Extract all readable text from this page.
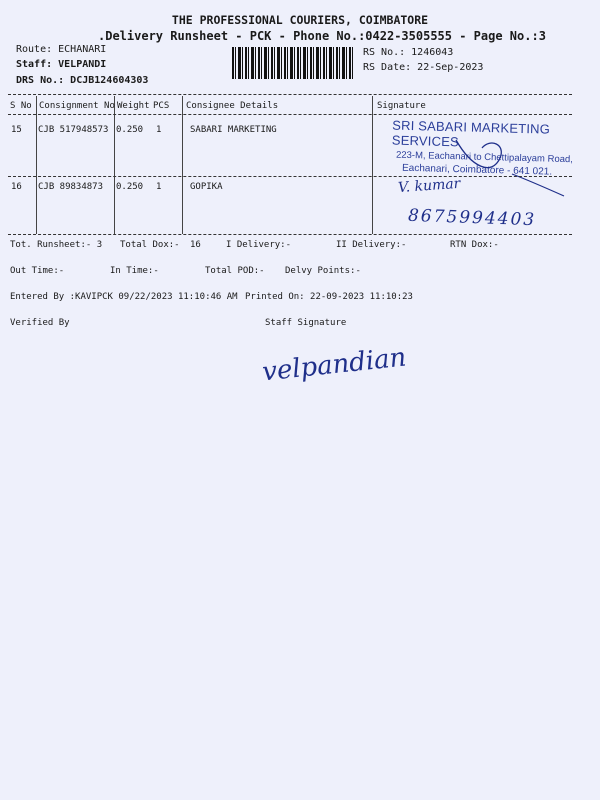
THE PROFESSIONAL COURIERS, COIMBATORE
.Delivery Runsheet - PCK - Phone No.:0422-3505555 - Page No.:3
Route: ECHANARI
Staff: VELPANDI
DRS No.: DCJB124604303
RS No.: 1246043
RS Date: 22-Sep-2023
S No Consignment No Weight PCS Consignee Details	Signature
15 CJB 517948573 0.250 1	SABARI MARKETING	SRI SABARI MARKETING SERVICES
223-M, Eachanari to Chettipalayam Road,
Eachanari, Coimbatore - 641 021.
16 CJB 89834873 0.250 1	GOPIKA	V. kumar
8675994403
Tot. Runsheet:- 3 Total Dox:- 16	I Delivery:-	II Delivery:-	RTN Dox:-
Out Time:-	In Time:-	Total POD:- Delvy Points:-
Entered By :KAVIPCK 09/22/2023 11:10:46 AM Printed On: 22-09-2023 11:10:23
Verified By	Staff Signature
velpandian
